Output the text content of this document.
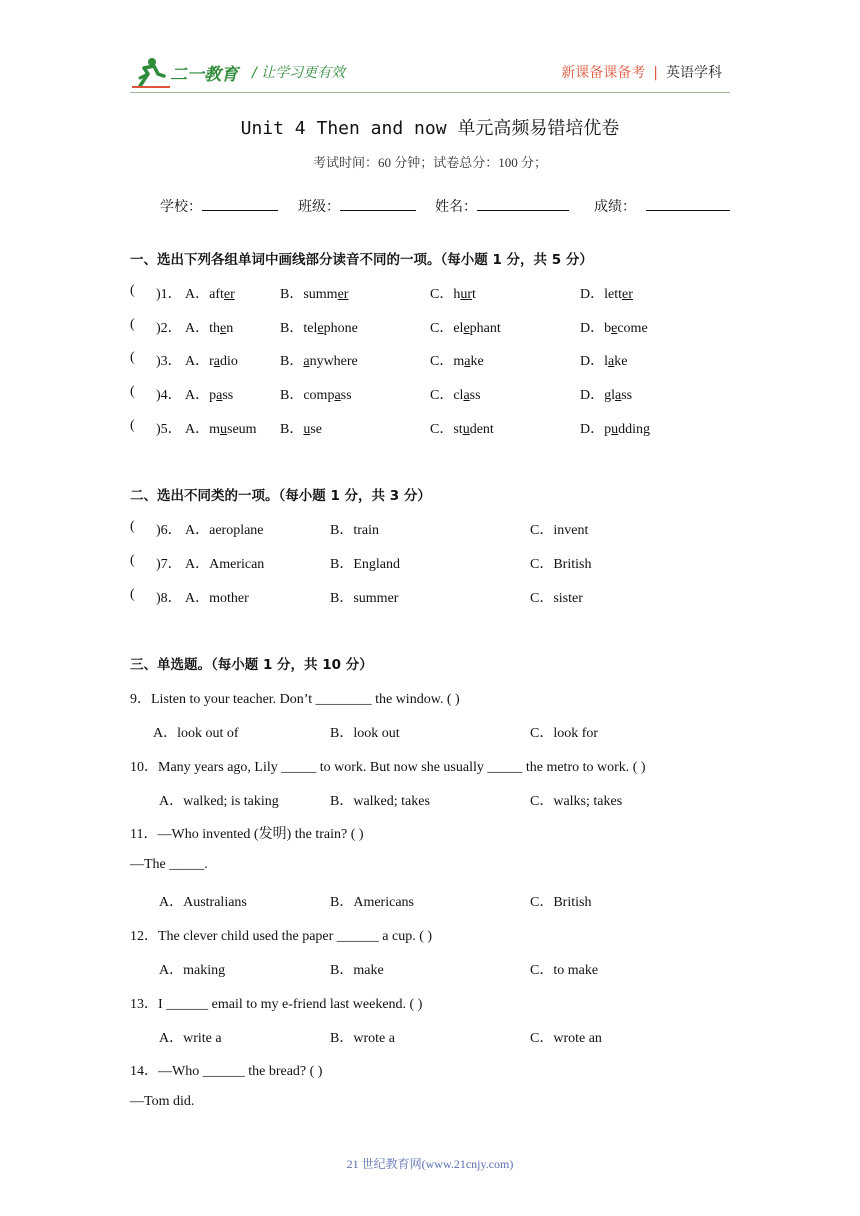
二一教育 / 让学习更有效	新课备课备考 | 英语学科
Unit 4 Then and now 单元高频易错培优卷
考试时间：60 分钟；试卷总分：100 分；
学校：	班级：	姓名：	成绩：
一、选出下列各组单词中画线部分读音不同的一项。（每小题 1 分，共 5 分）
( )1． A．after	B．summer	C．hurt	D．letter
( )2． A．then	B．telephone	C．elephant	D．become
( )3． A．radio	B．anywhere	C．make	D．lake
( )4． A．pass	B．compass	C．class	D．glass
( )5． A．museum B．use	C．student	D．pudding
二、选出不同类的一项。（每小题 1 分，共 3 分）
( )6． A．aeroplane	B．train	C．invent
( )7． A．American	B．England	C．British
( )8． A．mother	B．summer	C．sister
三、单选题。（每小题 1 分，共 10 分）
9．Listen to your teacher. Don’t ________ the window. ( )
A．look out of	B．look out	C．look for
10．Many years ago, Lily _____ to work. But now she usually _____ the metro to work. ( )
A．walked; is taking	B．walked; takes	C．walks; takes
11．—Who invented (发明) the train? ( )
—The _____.
A．Australians	B．Americans	C．British
12．The clever child used the paper ______ a cup. ( )
A．making	B．make	C．to make
13．I ______ email to my e-friend last weekend. ( )
A．write a	B．wrote a	C．wrote an
14．—Who ______ the bread? ( )
—Tom did.
21 世纪教育网(www.21cnjy.com)
